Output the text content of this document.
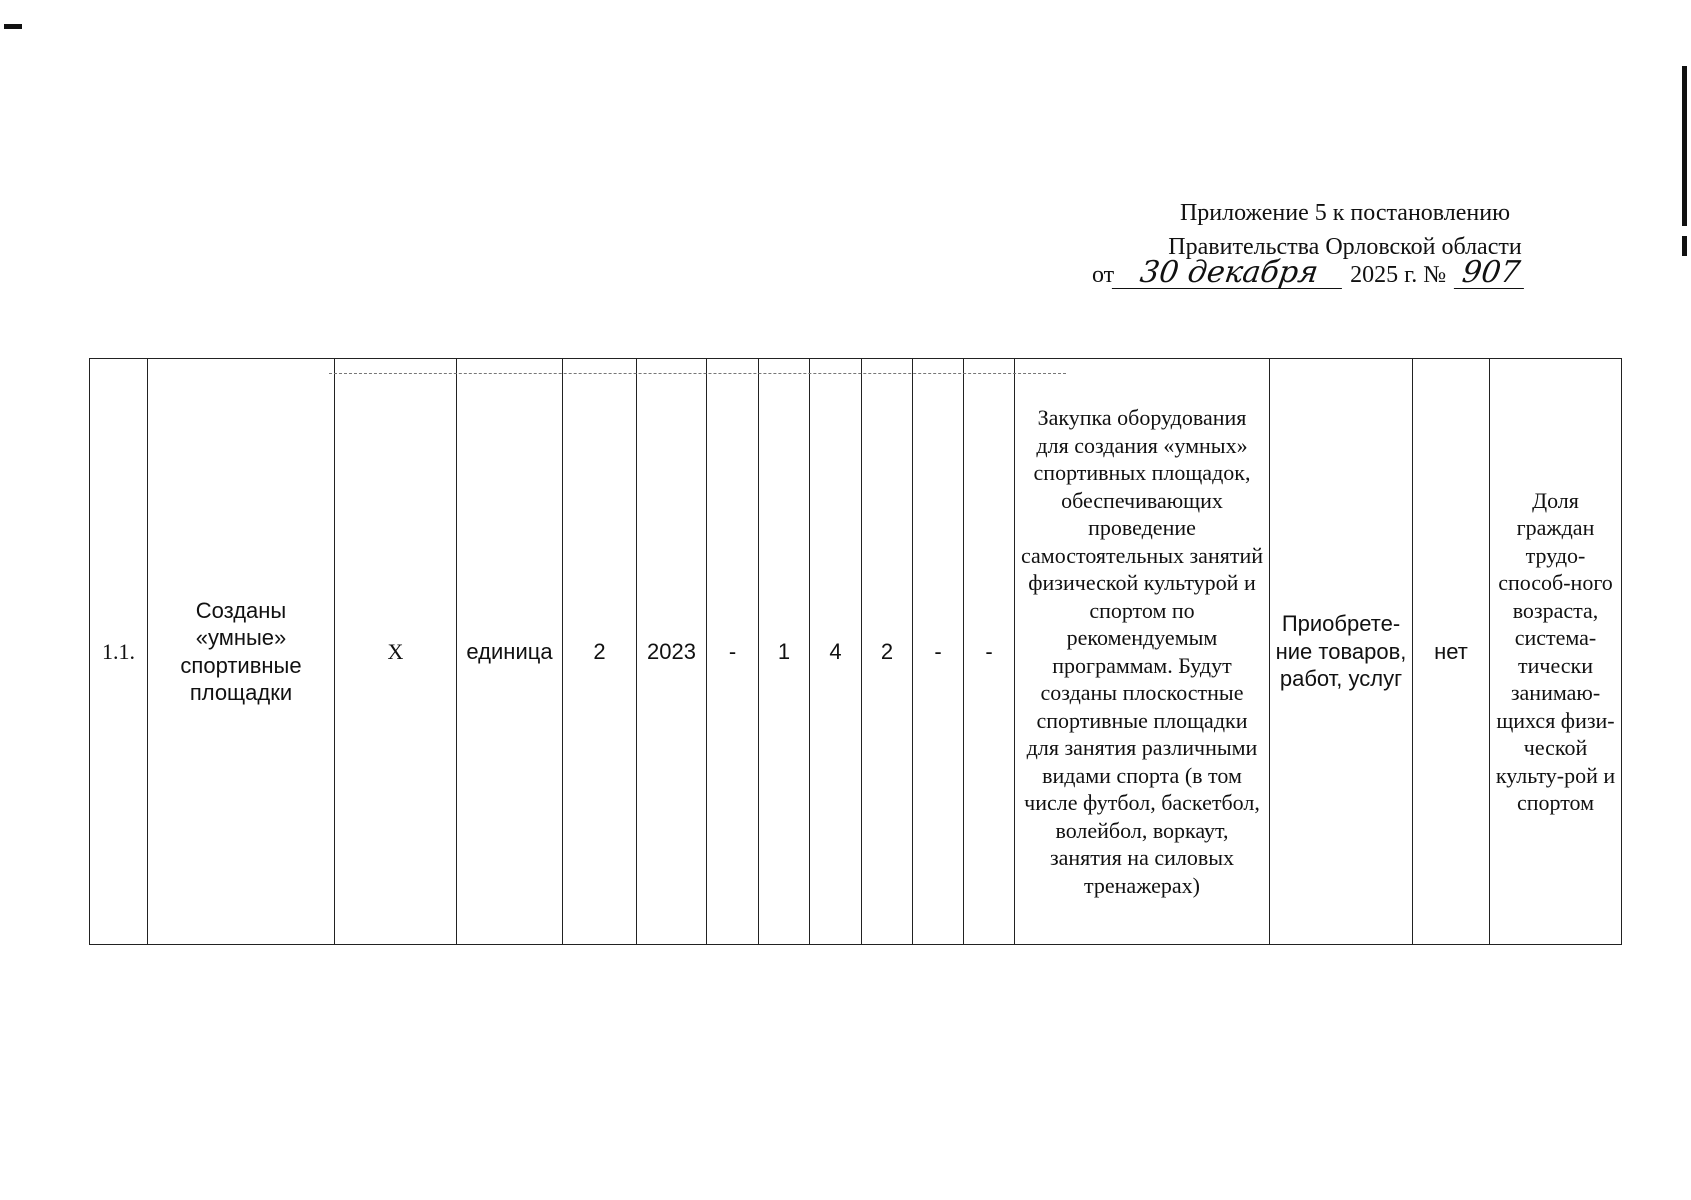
Приложение 5 к постановлению
Правительства Орловской области
от 30 декабря 2025 г. № 907
1.1.	Созданы «умные» спортивные площадки	X	единица	2	2023	-	1	4	2	-	-	Закупка оборудования для создания «умных» спортивных площадок, обеспечивающих проведение самостоятельных занятий физической культурой и спортом по рекомендуемым программам. Будут созданы плоскостные спортивные площадки для занятия различными видами спорта (в том числе футбол, баскетбол, волейбол, воркаут, занятия на силовых тренажерах)	Приобрете-ние товаров, работ, услуг	нет	Доля граждан трудо-способ-ного возраста, система-тически занимаю-щихся физи-ческой культу-рой и спортом
